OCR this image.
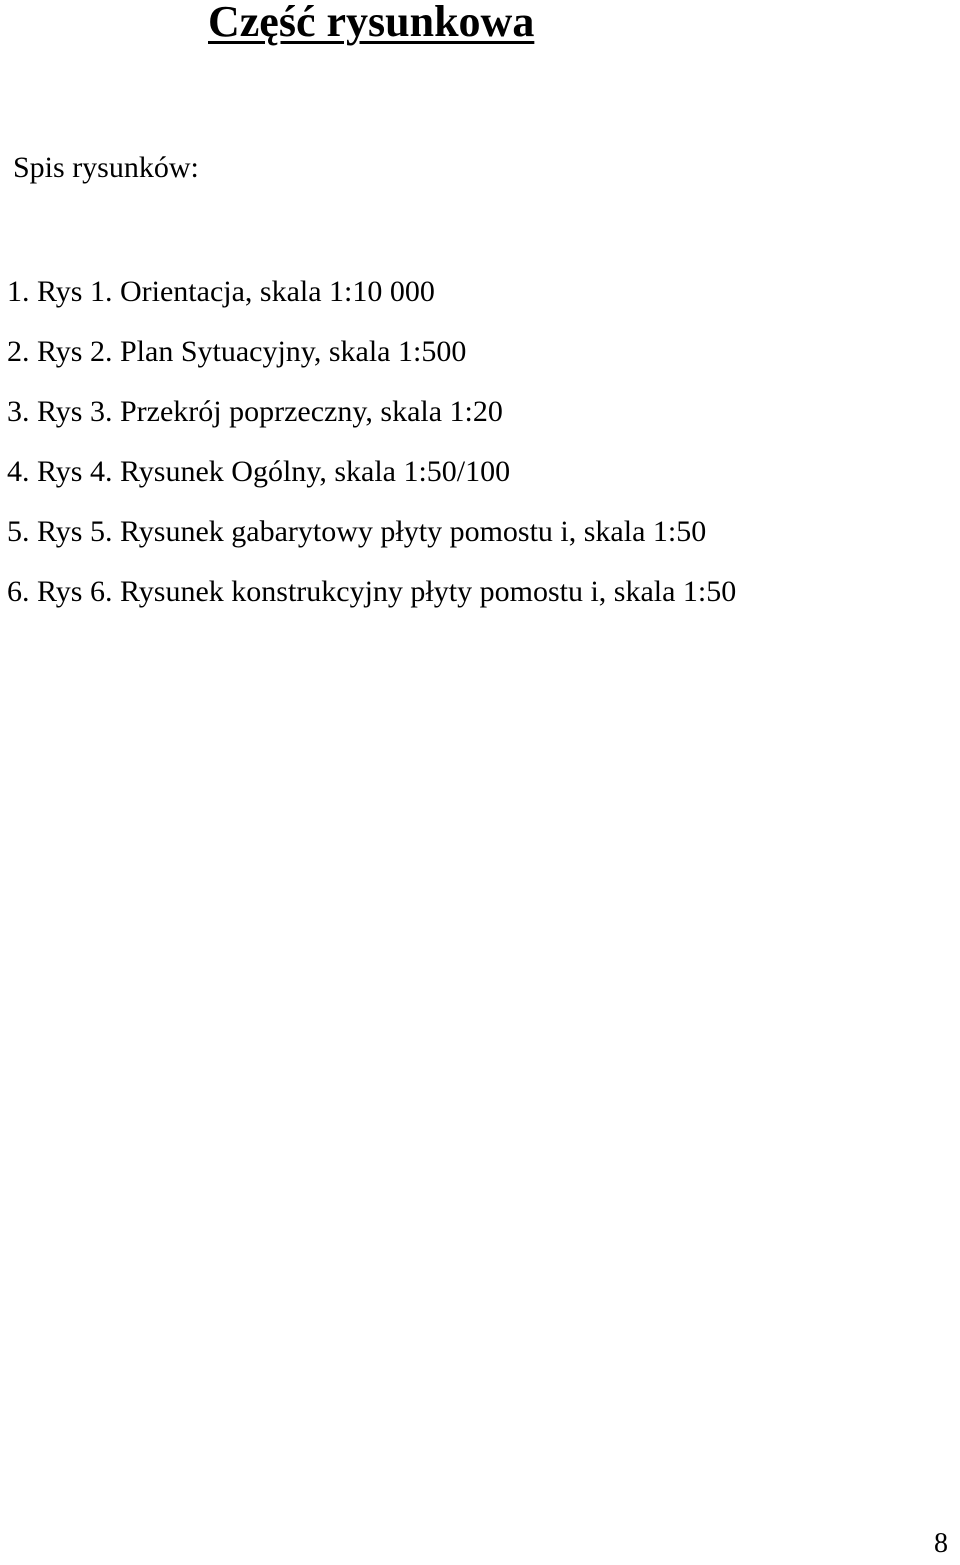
Część rysunkowa

Spis rysunków:

1. Rys 1. Orientacja, skala 1:10 000
2. Rys 2. Plan Sytuacyjny, skala 1:500
3. Rys 3. Przekrój poprzeczny, skala 1:20
4. Rys 4. Rysunek Ogólny, skala 1:50/100
5. Rys 5. Rysunek gabarytowy płyty pomostu i, skala 1:50
6. Rys 6. Rysunek konstrukcyjny płyty pomostu i, skala 1:50
8
